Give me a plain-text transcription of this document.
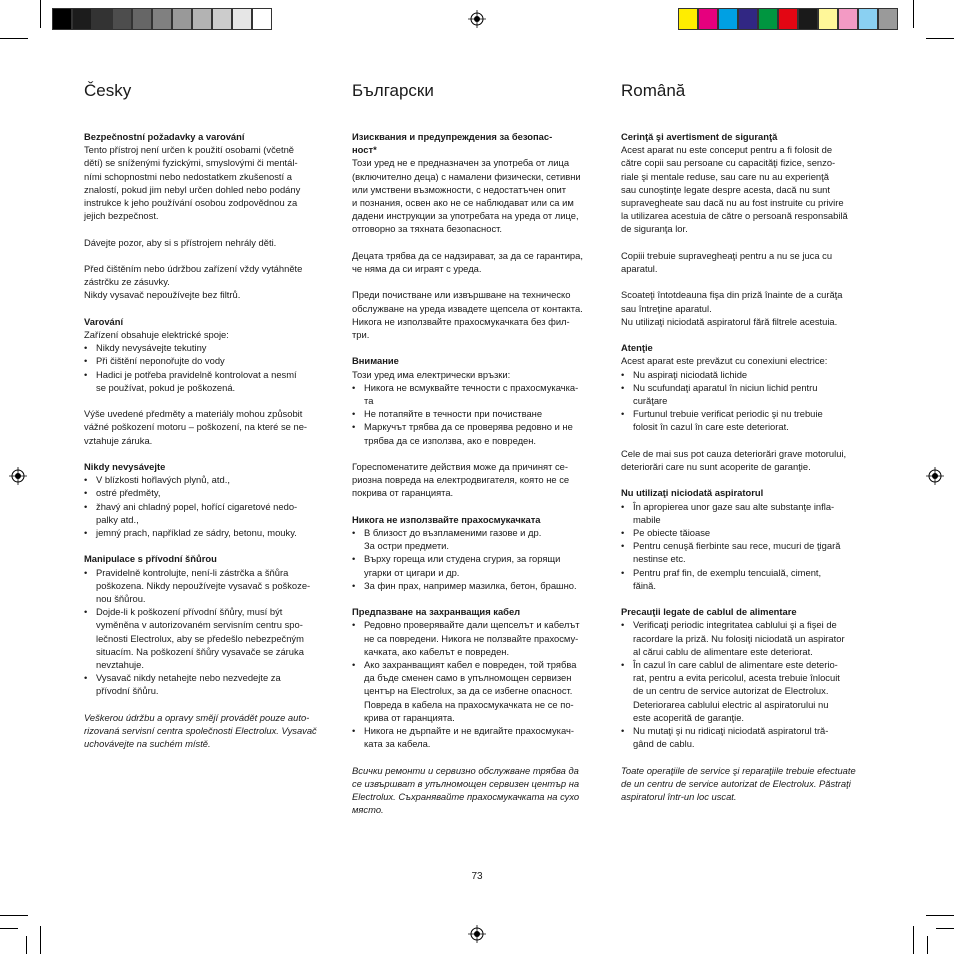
Česky

Bezpečnostní požadavky a varování

Tento přístroj není určen k použití osobami (včetně

dětí) se sníženými fyzickými, smyslovými či mentál-

ními schopnostmi nebo nedostatkem zkušeností a

znalostí, pokud jim nebyl určen dohled nebo podány

instrukce k jeho používání osobou zodpovědnou za

jejich bezpečnost.

Dávejte pozor, aby si s přístrojem nehrály děti.

Před čištěním nebo údržbou zařízení vždy vytáhněte

zástrčku ze zásuvky.

Nikdy vysavač nepoužívejte bez filtrů.

Varování

Zařízení obsahuje elektrické spoje:

• Nikdy nevysávejte tekutiny
• Při čištění neponořujte do vody
• Hadici je potřeba pravidelně kontrolovat a nesmí
se používat, pokud je poškozená.

Výše uvedené předměty a materiály mohou způsobit

vážné poškození motoru – poškození, na které se ne-

vztahuje záruka.

Nikdy nevysávejte

• V blízkosti hořlavých plynů, atd.,
• ostré předměty,
• žhavý ani chladný popel, hořící cigaretové nedo-
palky atd.,
• jemný prach, například ze sádry, betonu, mouky.

Manipulace s přívodní šňůrou

• Pravidelně kontrolujte, není-li zástrčka a šňůra
poškozena. Nikdy nepoužívejte vysavač s poškoze-
nou šňůrou.
• Dojde-li k poškození přívodní šňůry, musí být
vyměněna v autorizovaném servisním centru spo-
lečnosti Electrolux, aby se předešlo nebezpečným
situacím. Na poškození šňůry vysavače se záruka
nevztahuje.
• Vysavač nikdy netahejte nebo nezvedejte za
přívodní šňůru.

Veškerou údržbu a opravy smějí provádět pouze auto-

rizovaná servisní centra společnosti Electrolux. Vysavač

uchovávejte na suchém místě.

Български

Изисквания и предупреждения за безопас-

ност*

Този уред не е предназначен за употреба от лица

(включително деца) с намалени физически, сетивни

или умствени възможности, с недостатъчен опит

и познания, освен ако не се наблюдават или са им

дадени инструкции за употребата на уреда от лице,

отговорно за тяхната безопасност.

Децата трябва да се надзирават, за да се гарантира,

че няма да си играят с уреда.

Преди почистване или извършване на техническо

обслужване на уреда извадете щепсела от контакта.

Никога не използвайте прахосмукачката без фил-

три.

Внимание

Този уред има електрически връзки:

• Никога не всмуквайте течности с прахосмукачка-
та
• Не потапяйте в течности при почистване
• Маркучът трябва да се проверява редовно и не
трябва да се използва, ако е повреден.

Гореспоменатите действия може да причинят се-

риозна повреда на електродвигателя, която не се

покрива от гаранцията.

Никога не използвайте прахосмукачката

• В близост до възпламеними газове и др.
За остри предмети.
• Върху гореща или студена сгурия, за горящи
угарки от цигари и др.
• За фин прах, например мазилка, бетон, брашно.

Предпазване на захранващия кабел

• Редовно проверявайте дали щепселът и кабелът
не са повредени. Никога не ползвайте прахосму-
качката, ако кабелът е повреден.
• Ако захранващият кабел е повреден, той трябва
да бъде сменен само в упълномощен сервизен
център на Electrolux, за да се избегне опасност.
Повреда в кабела на прахосмукачката не се по-
крива от гаранцията.
• Никога не дърпайте и не вдигайте прахосмукач-
ката за кабела.

Всички ремонти и сервизно обслужване трябва да

се извършват в упълномощен сервизен център на

Electrolux. Съхранявайте прахосмукачката на сухо

място.

Română

Cerinţă şi avertisment de siguranţă

Acest aparat nu este conceput pentru a fi folosit de

către copii sau persoane cu capacităţi fizice, senzo-

riale şi mentale reduse, sau care nu au experienţă

sau cunoştinţe legate despre acesta, dacă nu sunt

supravegheate sau dacă nu au fost instruite cu privire

la utilizarea acestuia de către o persoană responsabilă

de siguranţa lor.

Copiii trebuie supravegheaţi pentru a nu se juca cu

aparatul.

Scoateţi întotdeauna fişa din priză înainte de a curăţa

sau întreţine aparatul.

Nu utilizaţi niciodată aspiratorul fără filtrele acestuia.

Atenţie

Acest aparat este prevăzut cu conexiuni electrice:

• Nu aspiraţi niciodată lichide
• Nu scufundaţi aparatul în niciun lichid pentru
curăţare
• Furtunul trebuie verificat periodic şi nu trebuie
folosit în cazul în care este deteriorat.

Cele de mai sus pot cauza deteriorări grave motorului,

deteriorări care nu sunt acoperite de garanţie.

Nu utilizaţi niciodată aspiratorul

• În apropierea unor gaze sau alte substanţe infla-
mabile
• Pe obiecte tăioase
• Pentru cenuşă fierbinte sau rece, mucuri de ţigară
nestinse etc.
• Pentru praf fin, de exemplu tencuială, ciment,
făină.

Precauţii legate de cablul de alimentare

• Verificaţi periodic integritatea cablului şi a fişei de
racordare la priză. Nu folosiţi niciodată un aspirator
al cărui cablu de alimentare este deteriorat.
• În cazul în care cablul de alimentare este deterio-
rat, pentru a evita pericolul, acesta trebuie înlocuit
de un centru de service autorizat de Electrolux.
Deteriorarea cablului electric al aspiratorului nu
este acoperită de garanţie.
• Nu mutaţi şi nu ridicaţi niciodată aspiratorul tră-
gând de cablu.

Toate operaţiile de service şi reparaţiile trebuie efectuate

de un centru de service autorizat de Electrolux. Păstraţi

aspiratorul într-un loc uscat.

73
